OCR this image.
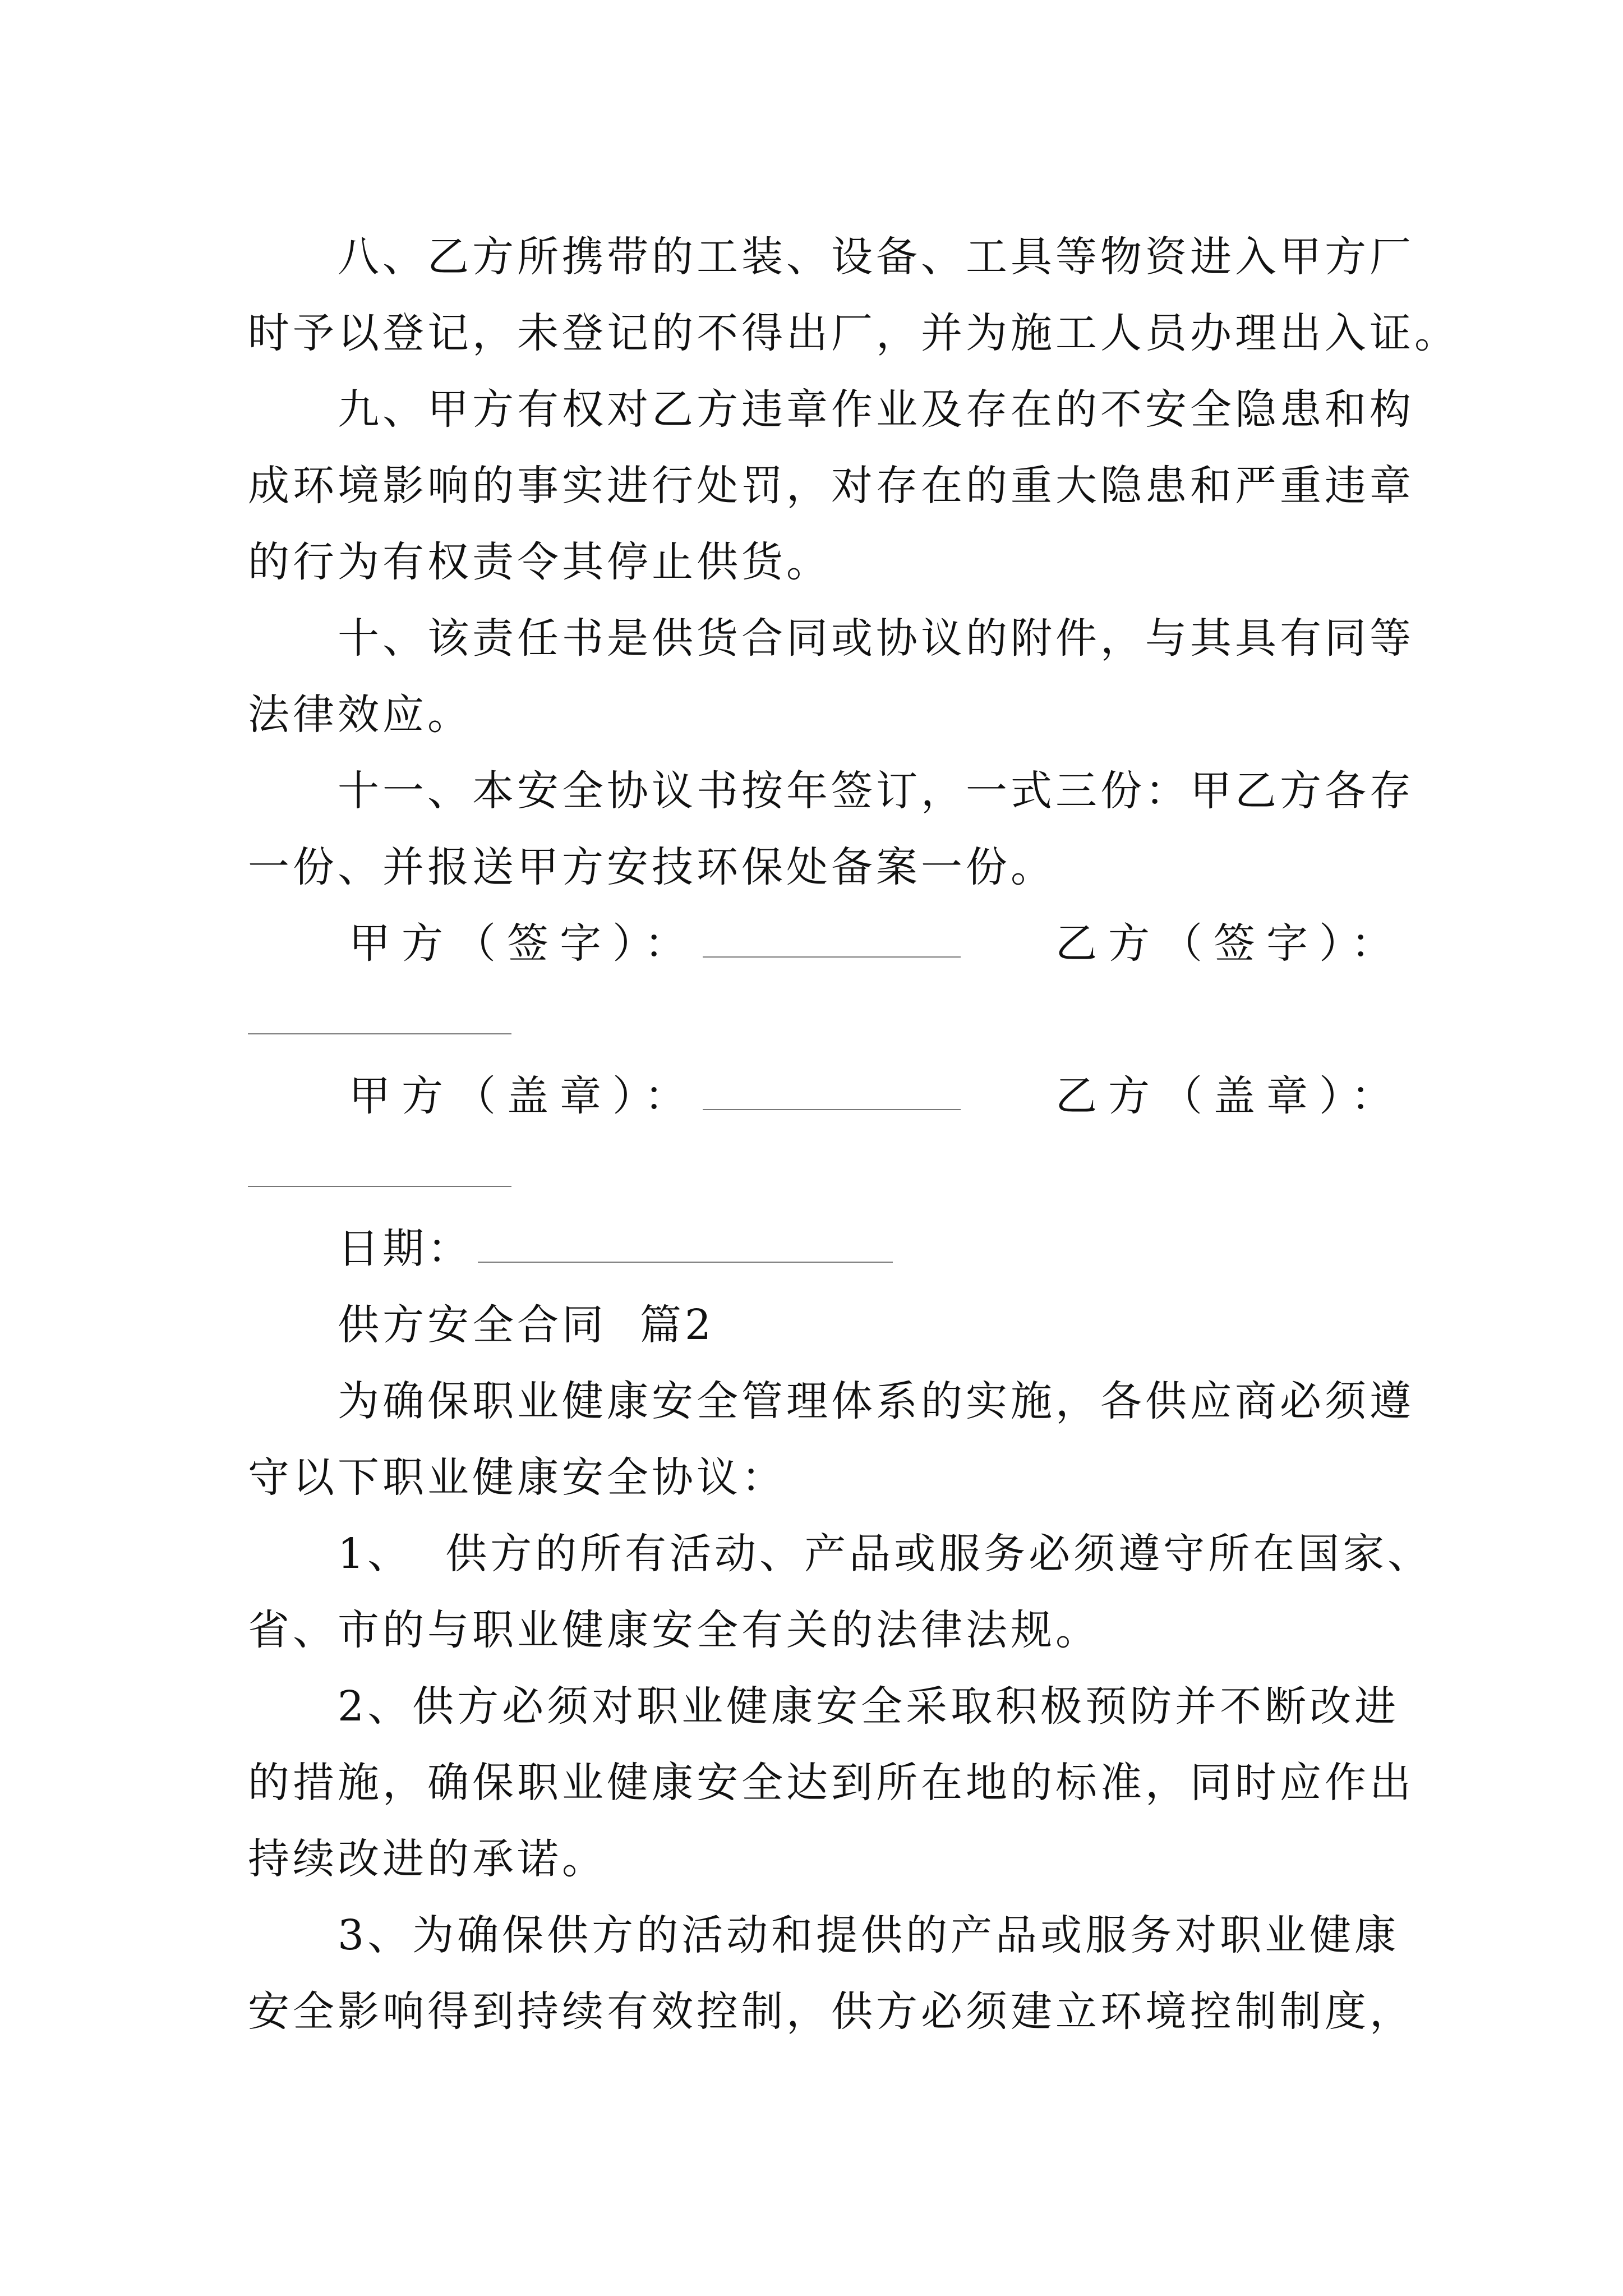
八、乙方所携带的工装、设备、工具等物资进入甲方厂
时予以登记，未登记的不得出厂，并为施工人员办理出入证。
九、甲方有权对乙方违章作业及存在的不安全隐患和构
成环境影响的事实进行处罚，对存在的重大隐患和严重违章
的行为有权责令其停止供货。
十、该责任书是供货合同或协议的附件，与其具有同等
法律效应。
十一、本安全协议书按年签订，一式三份：甲乙方各存
一份、并报送甲方安技环保处备案一份。
甲方（签字）：	乙方（签字）：
甲方（盖章）：	乙方（盖章）：
日期：
供方安全合同  篇2
为确保职业健康安全管理体系的实施，各供应商必须遵
守以下职业健康安全协议：
1、  供方的所有活动、产品或服务必须遵守所在国家、
省、市的与职业健康安全有关的法律法规。
2、供方必须对职业健康安全采取积极预防并不断改进
的措施，确保职业健康安全达到所在地的标准，同时应作出
持续改进的承诺。
3、为确保供方的活动和提供的产品或服务对职业健康
安全影响得到持续有效控制，供方必须建立环境控制制度，
